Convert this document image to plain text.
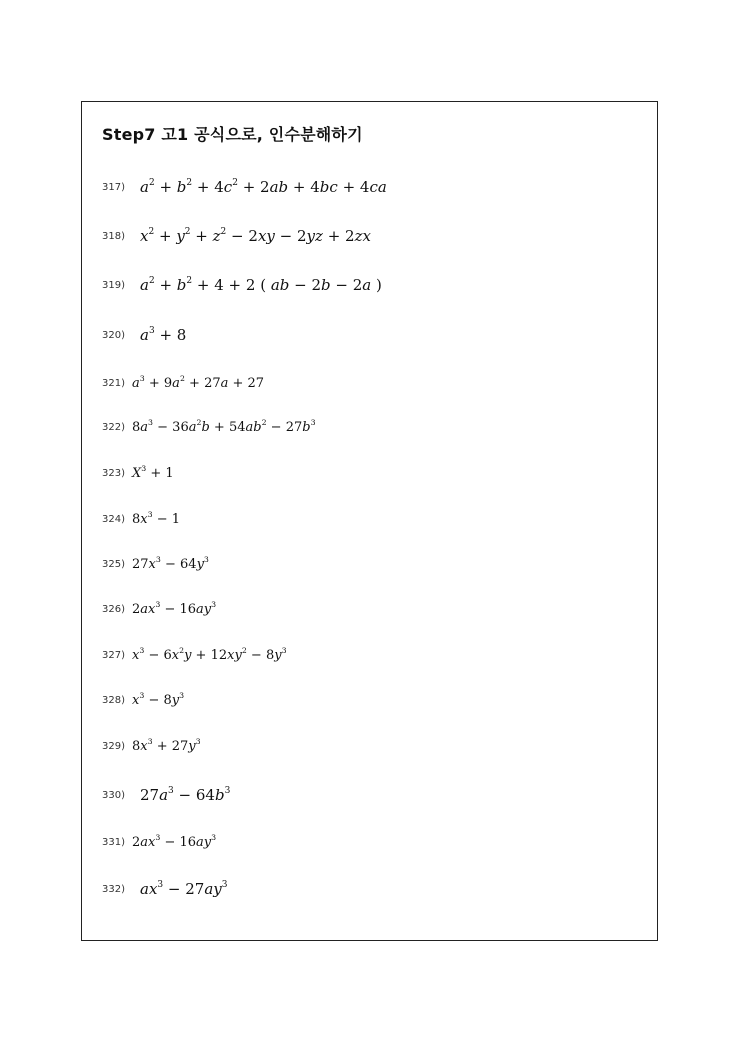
Step7 고1 공식으로, 인수분해하기
317)	$a^2 + b^2 + 4c^2 + 2ab + 4bc + 4ca$
318)	$x^2 + y^2 + z^2 - 2xy - 2yz + 2zx$
319)	$a^2 + b^2 + 4 + 2$ ( ab − 2b − 2a )
320)	$a^3 + 8$
321) $a^3 + 9a^2 + 27a + 27$
322) $8a^3 - 36a^2b + 54ab^2 - 27b^3$
323) $X^3 + 1$
324) $8x^3 - 1$
325) $27x^3 - 64y^3$
326) $2ax^3 - 16ay^3$
327) $x^3 - 6x^2y + 12xy^2 - 8y^3$
328) $x^3 - 8y^3$
329) $8x^3 + 27y^3$
330)	$27a^3 - 64b^3$
331) $2ax^3 - 16ay^3$
332)	$ax^3 - 27ay^3$
